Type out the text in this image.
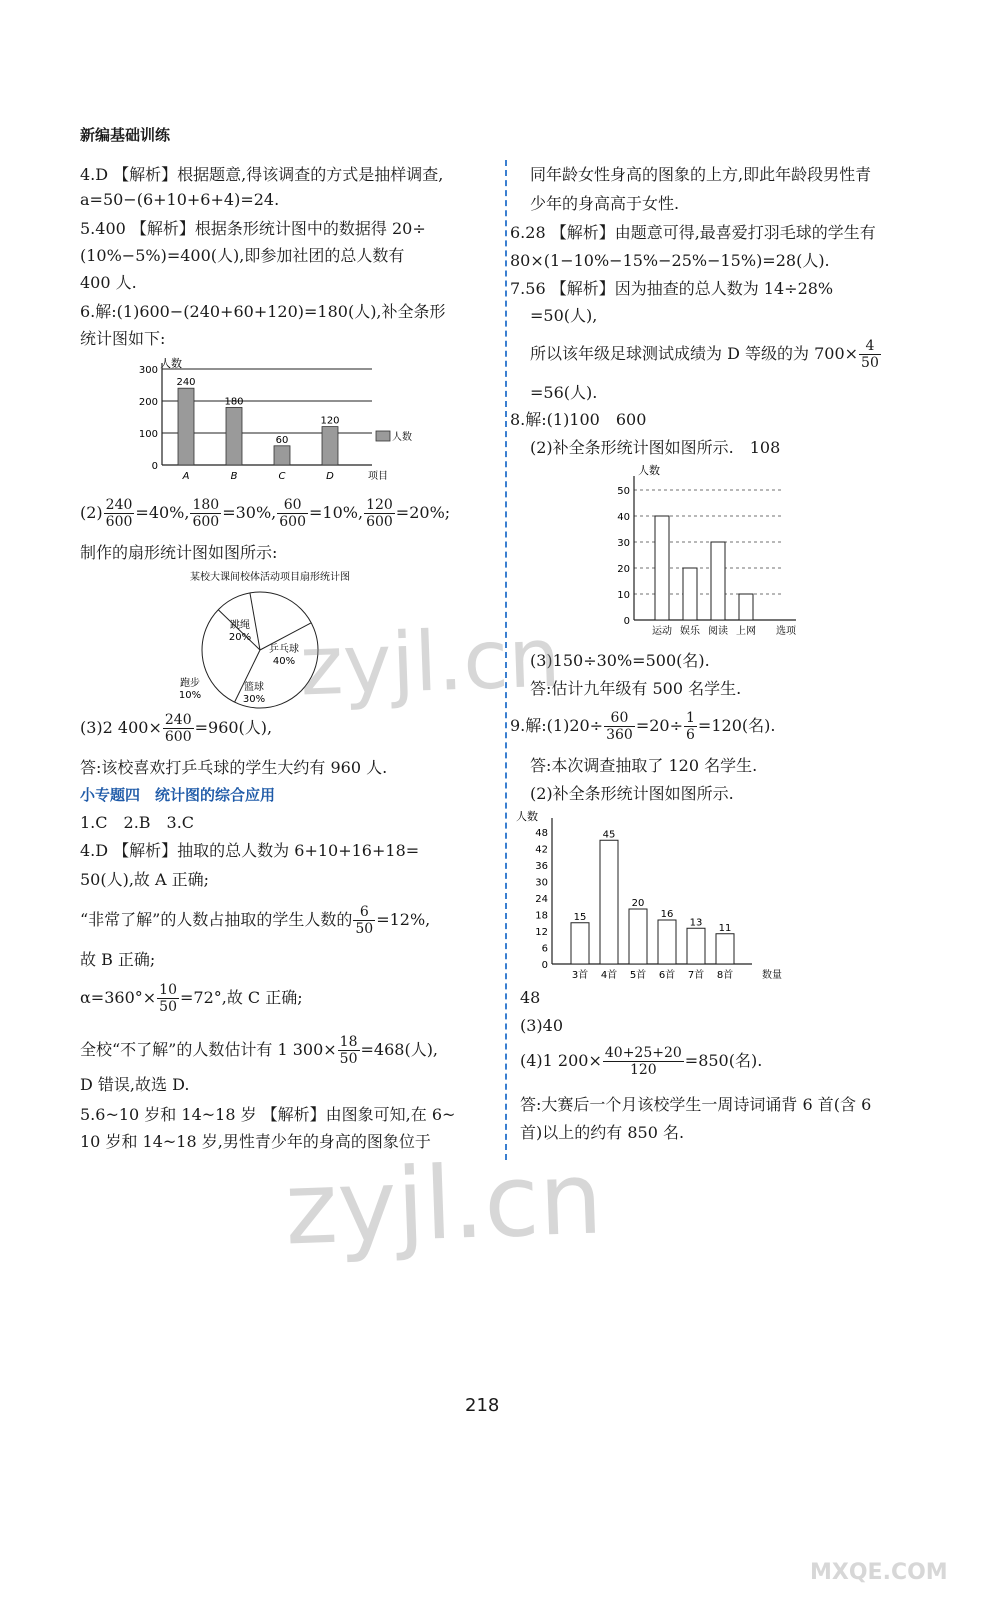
新编基础训练
4.D 【解析】根据题意,得该调查的方式是抽样调查,
a=50−(6+10+6+4)=24.
5.400 【解析】根据条形统计图中的数据得 20÷
(10%−5%)=400(人),即参加社团的总人数有
400 人.
6.解:(1)600−(240+60+120)=180(人),补全条形
统计图如下:
人数
0
100
200
300
240
A
180
B
60
C
120
D
人数
项目
$(2) \frac{240}{600} =40\%$, $\frac{180}{600} =30\%$, $\frac{60}{600} =10\%$, $\frac{120}{600} =20\%$;
制作的扇形统计图如图所示:
某校大课间校体活动项目扇形统计图
跳绳
20%
乒乓球
40%
篮球
30%
跑步
10%
(3)2 $400\times \frac{240}{600} =960$(人),
答:该校喜欢打乒乓球的学生大约有 960 人.
小专题四　统计图的综合应用
1.C　2.B　3.C
4.D 【解析】抽取的总人数为 6+10+16+18=
50(人),故 A 正确;
“非常了解”的人数占抽取的学生人数的 $\frac{6}{50} =12\%$,
故 B 正确;
$\alpha=360^\circ\times \frac{10}{50} =72^\circ$,故 C 正确;
全校“不了解”的人数估计有 1 $300\times \frac{18}{50} =468$(人),
D 错误,故选 D.
5.6~10 岁和 14~18 岁 【解析】由图象可知,在 6~
10 岁和 14~18 岁,男性青少年的身高的图象位于
同年龄女性身高的图象的上方,即此年龄段男性青
少年的身高高于女性.
6.28 【解析】由题意可得,最喜爱打羽毛球的学生有
80×(1−10%−15%−25%−15%)=28(人).
7.56 【解析】因为抽查的总人数为 14÷28%
=50(人),
所以该年级足球测试成绩为 D 等级的为 $700\times \frac{4}{50}$
=56(人).
8.解:(1)100　600
(2)补全条形统计图如图所示.　108
人数
0
10
20
30
40
50
运动 娱乐 阅读 上网 选项
(3)150÷30%=500(名).
答:估计九年级有 500 名学生.
9.解:(1)20÷ $\frac{60}{360} =20\div \frac{1}{6} =120$(名).
答:本次调查抽取了 120 名学生.
(2)补全条形统计图如图所示.
人数
0
6
12
18
24
30
36
42
48
15
3首
45
4首
20
5首
16
6首
13
7首
11
8首	数量
48
(3)40
(4)1 $200\times \frac{40+25+20}{120} =850$(名).
答:大赛后一个月该校学生一周诗词诵背 6 首(含 6
首)以上的约有 850 名.
218
zyjl.cn
zyjl.cn
MXQE.COM
